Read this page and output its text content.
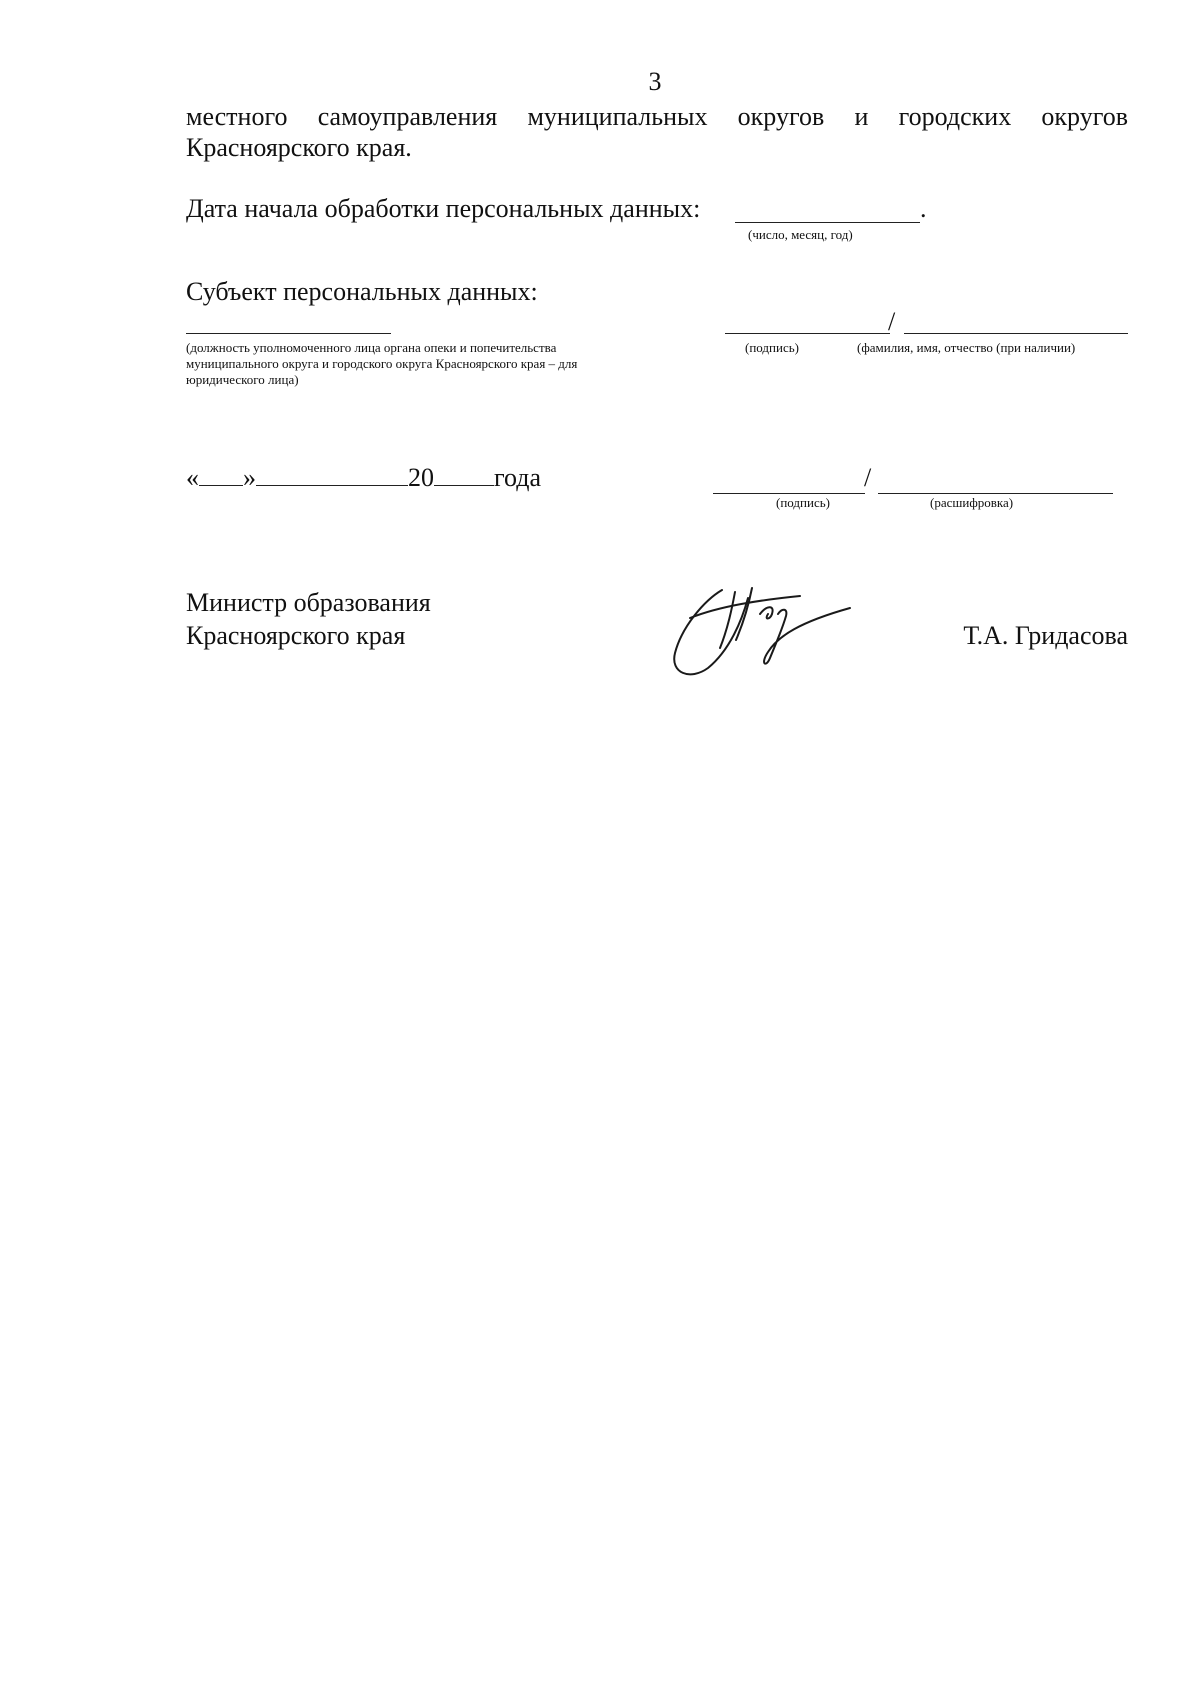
3
местного самоуправления муниципальных округов и городских округов
Красноярского края.
Дата начала обработки персональных данных:	.
(число, месяц, год)
Субъект персональных данных:
(должность уполномоченного лица органа опеки и попечительства
муниципального округа и городского округа Красноярского края – для
юридического лица)
/
(подпись)	(фамилия, имя, отчество (при наличии)
« »	20 года	/
(подпись)	(расшифровка)
Министр образования
Красноярского края	Т.А. Гридасова
